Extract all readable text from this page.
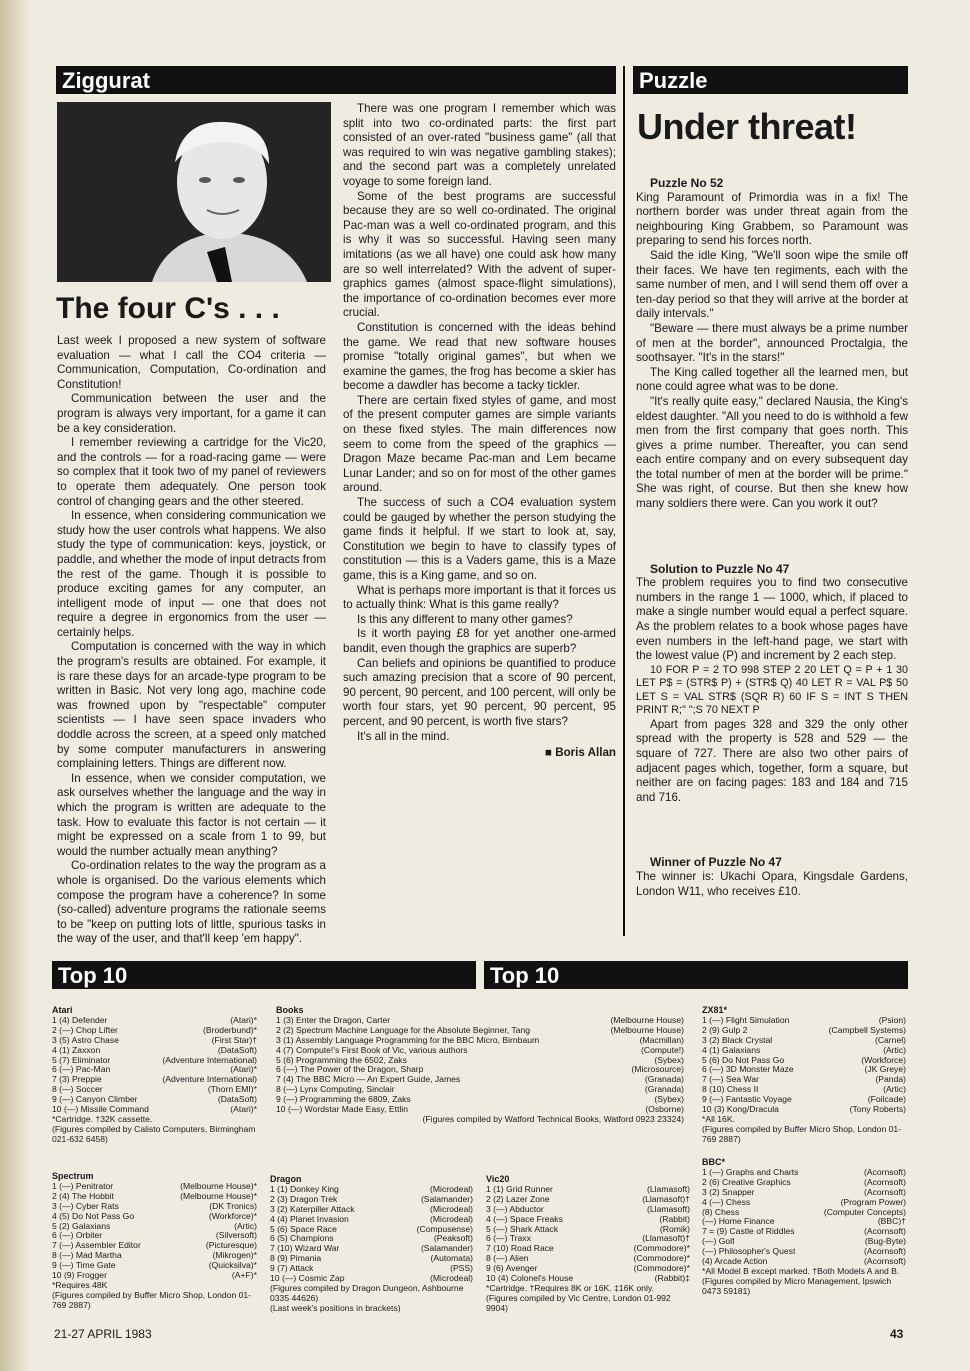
Ziggurat
The four C's . . .

Last week I proposed a new system of software evaluation — what I call the CO4 criteria — Communication, Computation, Co-ordination and Constitution!

Communication between the user and the program is always very important, for a game it can be a key consideration.

I remember reviewing a cartridge for the Vic20, and the controls — for a road-racing game — were so complex that it took two of my panel of reviewers to operate them adequately. One person took control of changing gears and the other steered.

In essence, when considering communication we study how the user controls what happens. We also study the type of communication: keys, joystick, or paddle, and whether the mode of input detracts from the rest of the game. Though it is possible to produce exciting games for any computer, an intelligent mode of input — one that does not require a degree in ergonomics from the user — certainly helps.

Computation is concerned with the way in which the program's results are obtained. For example, it is rare these days for an arcade-type program to be written in Basic. Not very long ago, machine code was frowned upon by "respectable" computer scientists — I have seen space invaders who doddle across the screen, at a speed only matched by some computer manufacturers in answering complaining letters. Things are different now.

In essence, when we consider computation, we ask ourselves whether the language and the way in which the program is written are adequate to the task. How to evaluate this factor is not certain — it might be expressed on a scale from 1 to 99, but would the number actually mean anything?

Co-ordination relates to the way the program as a whole is organised. Do the various elements which compose the program have a coherence? In some (so-called) adventure programs the rationale seems to be "keep on putting lots of little, spurious tasks in the way of the user, and that'll keep 'em happy".

There was one program I remember which was split into two co-ordinated parts: the first part consisted of an over-rated "business game" (all that was required to win was negative gambling stakes); and the second part was a completely unrelated voyage to some foreign land.

Some of the best programs are successful because they are so well co-ordinated. The original Pac-man was a well co-ordinated program, and this is why it was so successful. Having seen many imitations (as we all have) one could ask how many are so well interrelated? With the advent of super-graphics games (almost space-flight simulations), the importance of co-ordination becomes ever more crucial.

Constitution is concerned with the ideas behind the game. We read that new software houses promise "totally original games", but when we examine the games, the frog has become a skier has become a dawdler has become a tacky tickler.

There are certain fixed styles of game, and most of the present computer games are simple variants on these fixed styles. The main differences now seem to come from the speed of the graphics — Dragon Maze became Pac-man and Lem became Lunar Lander; and so on for most of the other games around.

The success of such a CO4 evaluation system could be gauged by whether the person studying the game finds it helpful. If we start to look at, say, Constitution we begin to have to classify types of constitution — this is a Vaders game, this is a Maze game, this is a King game, and so on.

What is perhaps more important is that it forces us to actually think: What is this game really?

Is this any different to many other games?

Is it worth paying £8 for yet another one-armed bandit, even though the graphics are superb?

Can beliefs and opinions be quantified to produce such amazing precision that a score of 90 percent, 90 percent, 90 percent, and 100 percent, will only be worth four stars, yet 90 percent, 90 percent, 95 percent, and 90 percent, is worth five stars?

It's all in the mind.

■ Boris Allan
Puzzle
Under threat!

Puzzle No 52

King Paramount of Primordia was in a fix! The northern border was under threat again from the neighbouring King Grabbem, so Paramount was preparing to send his forces north.

Said the idle King, "We'll soon wipe the smile off their faces. We have ten regiments, each with the same number of men, and I will send them off over a ten-day period so that they will arrive at the border at daily intervals."

"Beware — there must always be a prime number of men at the border", announced Proctalgia, the soothsayer. "It's in the stars!"

The King called together all the learned men, but none could agree what was to be done.

"It's really quite easy," declared Nausia, the King's eldest daughter. "All you need to do is withhold a few men from the first company that goes north. This gives a prime number. Thereafter, you can send each entire company and on every subsequent day the total number of men at the border will be prime." She was right, of course. But then she knew how many soldiers there were. Can you work it out?

Solution to Puzzle No 47

The problem requires you to find two consecutive numbers in the range 1 — 1000, which, if placed to make a single number would equal a perfect square. As the problem relates to a book whose pages have even numbers in the left-hand page, we start with the lowest value (P) and increment by 2 each step.

10 FOR P = 2 TO 998 STEP 2 20 LET Q = P + 1 30 LET P$ = (STR$ P) + (STR$ Q) 40 LET R = VAL P$ 50 LET S = VAL STR$ (SQR R) 60 IF S = INT S THEN PRINT R;" ";S 70 NEXT P

Apart from pages 328 and 329 the only other spread with the property is 528 and 529 — the square of 727. There are also two other pairs of adjacent pages which, together, form a square, but neither are on facing pages: 183 and 184 and 715 and 716.

Winner of Puzzle No 47

The winner is: Ukachi Opara, Kingsdale Gardens, London W11, who receives £10.

Top 10	Top 10
Atari
1 (4) Defender	(Atari)*
2 (—) Chop Lifter	(Broderbund)*
3 (5) Astro Chase	(First Star)†
4 (1) Zaxxon	(DataSoft)
5 (7) Eliminator	(Adventure International)
6 (—) Pac-Man	(Atari)*
7 (3) Preppie	(Adventure International)
8 (—) Soccer	(Thorn EMI)*
9 (—) Canyon Climber	(DataSoft)
10 (—) Missile Command	(Atari)*
*Cartridge. †32K cassette.
(Figures compiled by Calisto Computers, Birmingham 021-632 6458)
Books
1 (3) Enter the Dragon, Carter	(Melbourne House)
2 (2) Spectrum Machine Language for the Absolute Beginner, Tang	(Melbourne House)
3 (1) Assembly Language Programming for the BBC Micro, Birnbaum	(Macmillan)
4 (7) Compute!'s First Book of Vic, various authors	(Compute!)
5 (6) Programming the 6502, Zaks	(Sybex)
6 (—) The Power of the Dragon, Sharp	(Microsource)
7 (4) The BBC Micro — An Expert Guide, James	(Granada)
8 (—) Lynx Computing, Sinclair	(Granada)
9 (—) Programming the 6809, Zaks	(Sybex)
10 (—) Wordstar Made Easy, Ettlin	(Osborne)
(Figures compiled by Watford Technical Books, Watford 0923 23324)
ZX81*
1 (—) Flight Simulation	(Psion)
2 (9) Gulp 2	(Campbell Systems)
3 (2) Black Crystal	(Carnel)
4 (1) Galaxians	(Artic)
5 (6) Do Not Pass Go	(Workforce)
6 (—) 3D Monster Maze	(JK Greye)
7 (—) Sea War	(Panda)
8 (10) Chess II	(Artic)
9 (—) Fantastic Voyage	(Foilcade)
10 (3) Kong/Dracula	(Tony Roberts)
*All 16K.
(Figures compiled by Buffer Micro Shop, London 01-769 2887)
Spectrum
1 (—) Penitrator	(Melbourne House)*
2 (4) The Hobbit	(Melbourne House)*
3 (—) Cyber Rats	(DK Tronics)
4 (5) Do Not Pass Go	(Workforce)*
5 (2) Galaxians	(Artic)
6 (—) Orbiter	(Silversoft)
7 (—) Assembler Editor	(Picturesque)
8 (—) Mad Martha	(Mikrogen)*
9 (—) Time Gate	(Quicksilva)*
10 (9) Frogger	(A+F)*
*Requires 48K
(Figures compiled by Buffer Micro Shop, London 01-769 2887)
Dragon
1 (1) Donkey King	(Microdeal)
2 (3) Dragon Trek	(Salamander)
3 (2) Katerpiller Attack	(Microdeal)
4 (4) Planet Invasion	(Microdeal)
5 (6) Space Race	(Compusense)
6 (5) Champions	(Peaksoft)
7 (10) Wizard War	(Salamander)
8 (9) Pimania	(Automata)
9 (7) Attack	(PSS)
10 (—) Cosmic Zap	(Microdeal)
(Figures compiled by Dragon Dungeon, Ashbourne 0335 44626)
(Last week's positions in brackets)
Vic20
1 (1) Grid Runner	(Llamasoft)
2 (2) Lazer Zone	(Llamasoft)†
3 (—) Abductor	(Llamasoft)
4 (—) Space Freaks	(Rabbit)
5 (—) Shark Attack	(Romik)
6 (—) Traxx	(Llamasoft)†
7 (10) Road Race	(Commodore)*
8 (—) Alien	(Commodore)*
9 (6) Avenger	(Commodore)*
10 (4) Colonel's House	(Rabbit)‡
*Cartridge. †Requires 8K or 16K. ‡16K only.
(Figures compiled by Vic Centre, London 01-992 9904)
BBC*
1 (—) Graphs and Charts	(Acornsoft)
2 (6) Creative Graphics	(Acornsoft)
3 (2) Snapper	(Acornsoft)
4 (—) Chess	(Program Power)
(8) Chess	(Computer Concepts)
(—) Home Finance	(BBC)†
7 = (9) Castle of Riddles	(Acornsoft)
(—) Golf	(Bug-Byte)
(—) Philosopher's Quest	(Acornsoft)
(4) Arcade Action	(Acornsoft)
*All Model B except marked. †Both Models A and B.
(Figures compiled by Micro Management, Ipswich 0473 59181)
21-27 APRIL 1983	43
